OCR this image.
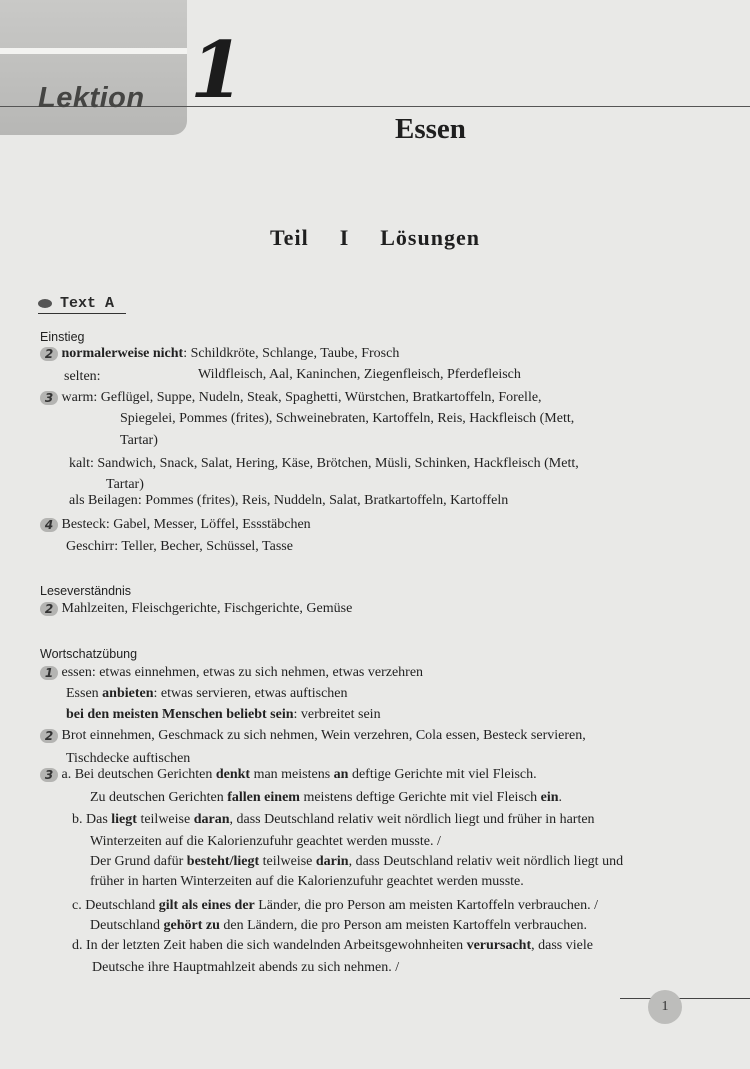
Lektion 1
Essen
Teil I Lösungen
Text A
Einstieg
2 normalerweise nicht: Schildkröte, Schlange, Taube, Frosch
selten:	Wildfleisch, Aal, Kaninchen, Ziegenfleisch, Pferdefleisch
3 warm: Geflügel, Suppe, Nudeln, Steak, Spaghetti, Würstchen, Bratkartoffeln, Forelle,
Spiegelei, Pommes (frites), Schweinebraten, Kartoffeln, Reis, Hackfleisch (Mett,
Tartar)
kalt: Sandwich, Snack, Salat, Hering, Käse, Brötchen, Müsli, Schinken, Hackfleisch (Mett,
Tartar)
als Beilagen: Pommes (frites), Reis, Nuddeln, Salat, Bratkartoffeln, Kartoffeln
4 Besteck: Gabel, Messer, Löffel, Essstäbchen
Geschirr: Teller, Becher, Schüssel, Tasse
Leseverständnis
2 Mahlzeiten, Fleischgerichte, Fischgerichte, Gemüse
Wortschatzübung
1 essen: etwas einnehmen, etwas zu sich nehmen, etwas verzehren
Essen anbieten: etwas servieren, etwas auftischen
bei den meisten Menschen beliebt sein: verbreitet sein
2 Brot einnehmen, Geschmack zu sich nehmen, Wein verzehren, Cola essen, Besteck servieren,
Tischdecke auftischen
3 a. Bei deutschen Gerichten denkt man meistens an deftige Gerichte mit viel Fleisch.
Zu deutschen Gerichten fallen einem meistens deftige Gerichte mit viel Fleisch ein.
b. Das liegt teilweise daran, dass Deutschland relativ weit nördlich liegt und früher in harten
Winterzeiten auf die Kalorienzufuhr geachtet werden musste. /
Der Grund dafür besteht/liegt teilweise darin, dass Deutschland relativ weit nördlich liegt und
früher in harten Winterzeiten auf die Kalorienzufuhr geachtet werden musste.
c. Deutschland gilt als eines der Länder, die pro Person am meisten Kartoffeln verbrauchen. /
Deutschland gehört zu den Ländern, die pro Person am meisten Kartoffeln verbrauchen.
d. In der letzten Zeit haben die sich wandelnden Arbeitsgewohnheiten verursacht, dass viele
Deutsche ihre Hauptmahlzeit abends zu sich nehmen. /
1
